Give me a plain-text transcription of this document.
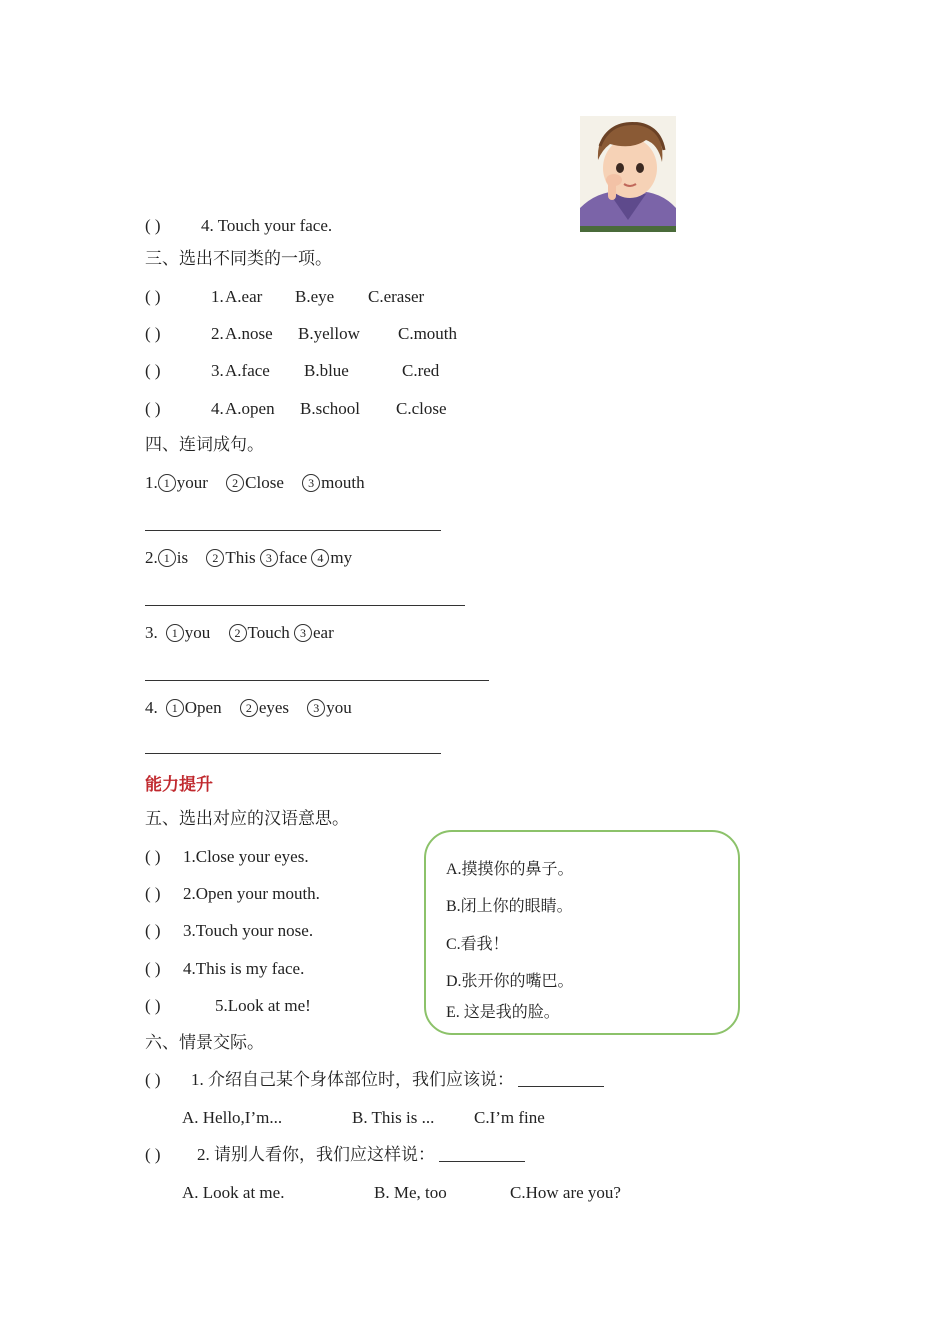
( ) 4. Touch your face.
三、选出不同类的一项。
( )	1. A.ear B.eye C.eraser
( )	2. A.nose B.yellow C.mouth
( )	3. A.face B.blue	C.red
( )	4. A.open B.school C.close
四、连词成句。
1. 1 your 2 Close 3 mouth
2. 1 is 2 This 3 face 4 my
3. 1 you 2 Touch 3 ear
4. 1 Open 2 eyes 3 you
能力提升
五、选出对应的汉语意思。
( ) 1.Close your eyes.
( ) 2.Open your mouth.
( ) 3.Touch your nose.
( ) 4.This is my face.
( )	5.Look at me!
A.摸摸你的鼻子。
B.闭上你的眼睛。
C.看我！
D.张开你的嘴巴。
E. 这是我的脸。
六、情景交际。
( ) 1. 介绍自己某个身体部位时，我们应该说：
A. Hello,I’m...	B. This is ... C.I’m fine
( ) 2. 请别人看你，我们应这样说：
A. Look at me.	B. Me, too	C.How are you?
